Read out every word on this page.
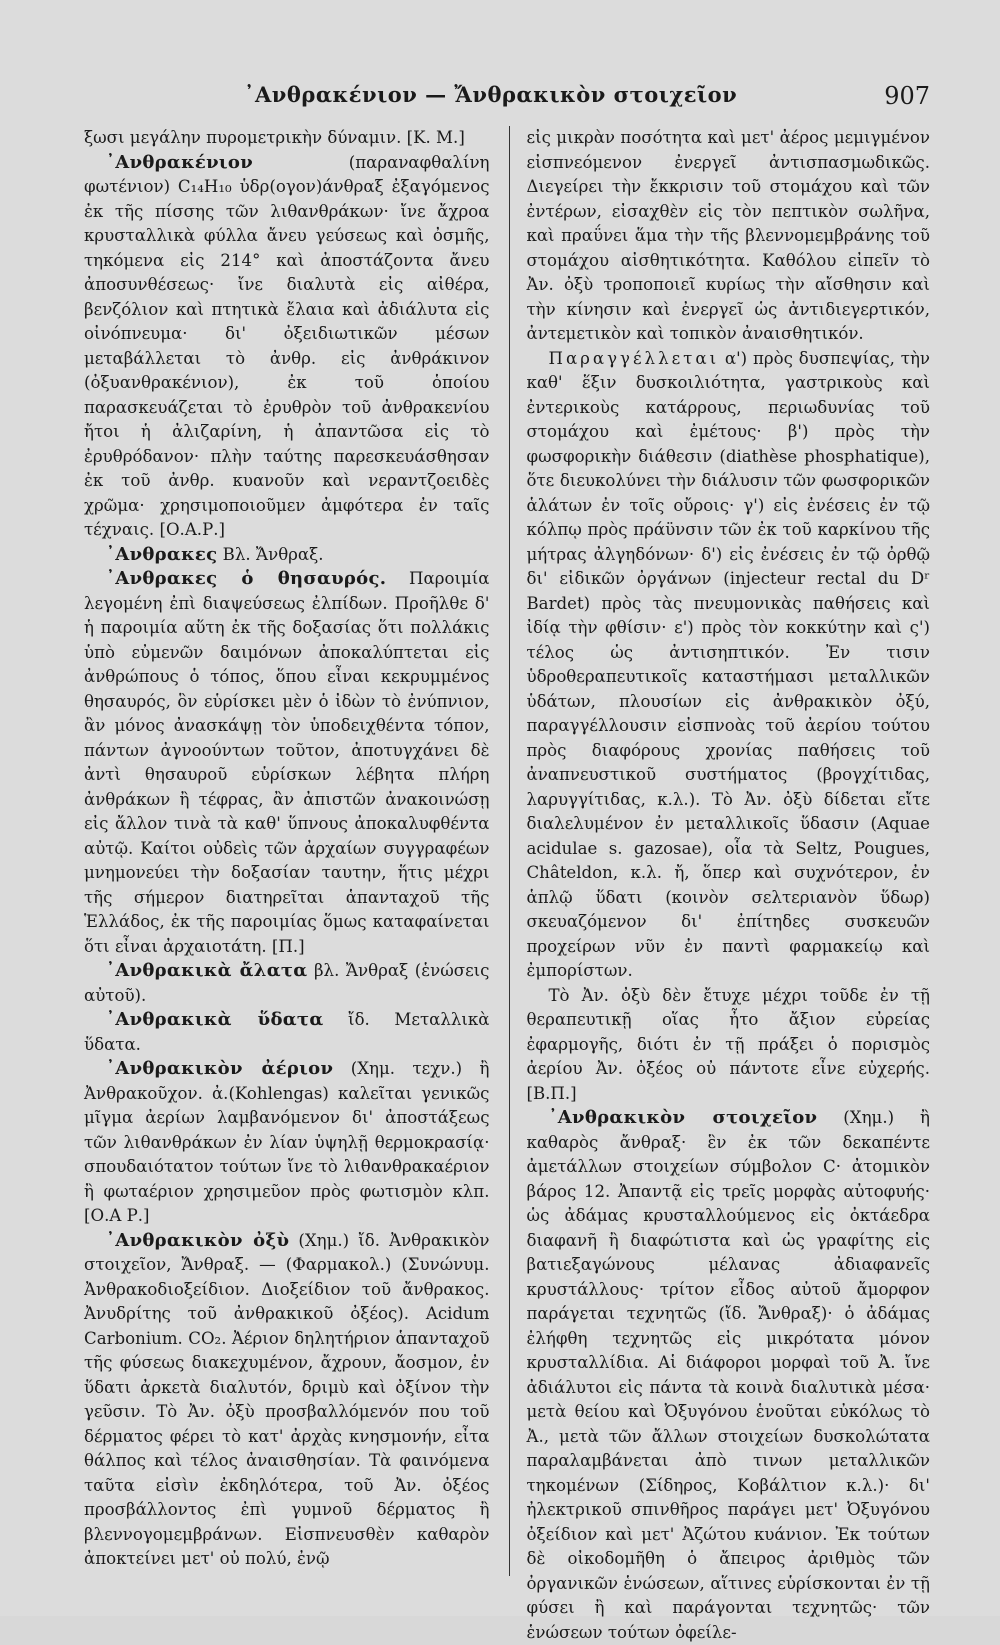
᾿Ανθρακένιον — Ἄνθρακικὸν στοιχεῖον	907

ξωσι μεγάλην πυρομετρικὴν δύναμιν. [Κ. Μ.]

᾿Ανθρακένιον (παραναφθαλίνη φωτένιον) C₁₄H₁₀ ὑδρ(ογον)άνθραξ ἐξαγόμενος ἐκ τῆς πίσσης τῶν λιθανθράκων· ἴνε ἄχροα κρυσταλλικὰ φύλλα ἄνευ γεύσεως καὶ ὀσμῆς, τηκόμενα εἰς 214° καὶ ἀποστάζοντα ἄνευ ἀποσυνθέσεως· ἴνε διαλυτὰ εἰς αἰθέρα, βενζόλιον καὶ πτητικὰ ἔλαια καὶ ἀδιάλυτα εἰς οἰνόπνευμα· δι' ὀξειδιωτικῶν μέσων μεταβάλλεται τὸ ἀνθρ. εἰς ἀνθράκινον (ὀξυανθρακένιον), ἐκ τοῦ ὁποίου παρασκευάζεται τὸ ἐρυθρὸν τοῦ ἀνθρακενίου ἤτοι ἡ ἀλιζαρίνη, ἡ ἀπαντῶσα εἰς τὸ ἐρυθρόδανον· πλὴν ταύτης παρεσκευάσθησαν ἐκ τοῦ ἀνθρ. κυανοῦν καὶ νεραντζοειδὲς χρῶμα· χρησιμοποιοῦμεν ἀμφότερα ἐν ταῖς τέχναις. [Ο.Α.Ρ.]

᾿Ανθρακες Βλ. Ἄνθραξ.

᾿Ανθρακες ὁ θησαυρός. Παροιμία λεγομένη ἐπὶ διαψεύσεως ἐλπίδων. Προῆλθε δ' ἡ παροιμία αὕτη ἐκ τῆς δοξασίας ὅτι πολλάκις ὑπὸ εὐμενῶν δαιμόνων ἀποκαλύπτεται εἰς ἀνθρώπους ὁ τόπος, ὅπου εἶναι κεκρυμμένος θησαυρός, ὃν εὑρίσκει μὲν ὁ ἰδὼν τὸ ἐνύπνιον, ἂν μόνος ἀνασκάψῃ τὸν ὑποδειχθέντα τόπον, πάντων ἀγνοούντων τοῦτον, ἀποτυγχάνει δὲ ἀντὶ θησαυροῦ εὑρίσκων λέβητα πλήρη ἀνθράκων ἢ τέφρας, ἂν ἀπιστῶν ἀνακοινώσῃ εἰς ἄλλον τινὰ τὰ καθ' ὕπνους ἀποκαλυφθέντα αὐτῷ. Καίτοι οὐδεὶς τῶν ἀρχαίων συγγραφέων μνημονεύει τὴν δοξασίαν ταυτην, ἥτις μέχρι τῆς σήμερον διατηρεῖται ἁπανταχοῦ τῆς Ἑλλάδος, ἐκ τῆς παροιμίας ὅμως καταφαίνεται ὅτι εἶναι ἀρχαιοτάτη. [Π.]

᾿Ανθρακικὰ ἄλατα βλ. Ἄνθραξ (ἑνώσεις αὐτοῦ).

᾿Ανθρακικὰ ὕδατα ἴδ. Μεταλλικὰ ὕδατα.

᾿Ανθρακικὸν ἀέριον (Χημ. τεχν.) ἢ Ἀνθρακοῦχον. ἀ.(Kohlengas) καλεῖται γενικῶς μῖγμα ἀερίων λαμβανόμενον δι' ἀποστάξεως τῶν λιθανθράκων ἐν λίαν ὑψηλῇ θερμοκρασίᾳ· σπουδαιότατον τούτων ἴνε τὸ λιθανθρακαέριον ἢ φωταέριον χρησιμεῦον πρὸς φωτισμὸν κλπ. [Ο.Α Ρ.]

᾿Ανθρακικὸν ὀξὺ (Χημ.) ἴδ. Ἀνθρακικὸν στοιχεῖον, Ἄνθραξ. — (Φαρμακολ.) (Συνώνυμ. Ἀνθρακοδιοξείδιον. Διοξείδιον τοῦ ἄνθρακος. Ἀνυδρίτης τοῦ ἀνθρακικοῦ ὀξέος). Acidum Carbonium. CO₂. Ἀέριον δηλητήριον ἁπανταχοῦ τῆς φύσεως διακεχυμένον, ἄχρουν, ἄοσμον, ἐν ὕδατι ἀρκετὰ διαλυτόν, δριμὺ καὶ ὀξίνον τὴν γεῦσιν. Τὸ Ἀν. ὀξὺ προσβαλλόμενόν που τοῦ δέρματος φέρει τὸ κατ' ἀρχὰς κνησμονήν, εἶτα θάλπος καὶ τέλος ἀναισθησίαν. Τὰ φαινόμενα ταῦτα εἰσὶν ἐκδηλότερα, τοῦ Ἀν. ὀξέος προσβάλλοντος ἐπὶ γυμνοῦ δέρματος ἢ βλεννογομεμβράνων. Εἰσπνευσθὲν καθαρὸν ἀποκτείνει μετ' οὐ πολύ, ἐνῷ

εἰς μικρὰν ποσότητα καὶ μετ' ἀέρος μεμιγμένον εἰσπνεόμενον ἐνεργεῖ ἀντισπασμωδικῶς. Διεγείρει τὴν ἔκκρισιν τοῦ στομάχου καὶ τῶν ἐντέρων, εἰσαχθὲν εἰς τὸν πεπτικὸν σωλῆνα, καὶ πραΰνει ἅμα τὴν τῆς βλεννομεμβράνης τοῦ στομάχου αἰσθητικότητα. Καθόλου εἰπεῖν τὸ Ἀν. ὀξὺ τροποποιεῖ κυρίως τὴν αἴσθησιν καὶ τὴν κίνησιν καὶ ἐνεργεῖ ὡς ἀντιδιεγερτικόν, ἀντεμετικὸν καὶ τοπικὸν ἀναισθητικόν.

Παραγγέλλεται α') πρὸς δυσπεψίας, τὴν καθ' ἕξιν δυσκοιλιότητα, γαστρικοὺς καὶ ἐντερικοὺς κατάρρους, περιωδυνίας τοῦ στομάχου καὶ ἐμέτους· β') πρὸς τὴν φωσφορικὴν διάθεσιν (diathèse phosphatique), ὅτε διευκολύνει τὴν διάλυσιν τῶν φωσφορικῶν ἁλάτων ἐν τοῖς οὔροις· γ') εἰς ἐνέσεις ἐν τῷ κόλπῳ πρὸς πράϋνσιν τῶν ἐκ τοῦ καρκίνου τῆς μήτρας ἀλγηδόνων· δ') εἰς ἐνέσεις ἐν τῷ ὀρθῷ δι' εἰδικῶν ὀργάνων (injecteur rectal du Dʳ Bardet) πρὸς τὰς πνευμονικὰς παθήσεις καὶ ἰδίᾳ τὴν φθίσιν· ε') πρὸς τὸν κοκκύτην καὶ ς') τέλος ὡς ἀντισηπτικόν. Ἐν τισιν ὑδροθεραπευτικοῖς καταστήμασι μεταλλικῶν ὑδάτων, πλουσίων εἰς ἀνθρακικὸν ὀξύ, παραγγέλλουσιν εἰσπνοὰς τοῦ ἀερίου τούτου πρὸς διαφόρους χρονίας παθήσεις τοῦ ἀναπνευστικοῦ συστήματος (βρογχίτιδας, λαρυγγίτιδας, κ.λ.). Τὸ Ἀν. ὀξὺ δίδεται εἴτε διαλελυμένον ἐν μεταλλικοῖς ὕδασιν (Aquae acidulae s. gazosae), οἷα τὰ Seltz, Pougues, Châteldon, κ.λ. ἤ, ὅπερ καὶ συχνότερον, ἐν ἁπλῷ ὕδατι (κοινὸν σελτεριανὸν ὕδωρ) σκευαζόμενον δι' ἐπίτηδες συσκευῶν προχείρων νῦν ἐν παντὶ φαρμακείῳ καὶ ἐμπορίστων.

Τὸ Ἀν. ὀξὺ δὲν ἔτυχε μέχρι τοῦδε ἐν τῇ θεραπευτικῇ οἵας ἦτο ἄξιον εὐρείας ἐφαρμογῆς, διότι ἐν τῇ πράξει ὁ πορισμὸς ἀερίου Ἀν. ὀξέος οὐ πάντοτε εἶνε εὐχερής. [Β.Π.]

᾿Ανθρακικὸν στοιχεῖον (Χημ.) ἢ καθαρὸς ἄνθραξ· ἓν ἐκ τῶν δεκαπέντε ἀμετάλλων στοιχείων σύμβολον C· ἀτομικὸν βάρος 12. Ἀπαντᾷ εἰς τρεῖς μορφὰς αὐτοφυής· ὡς ἀδάμας κρυσταλλούμενος εἰς ὀκτάεδρα διαφανῆ ἢ διαφώτιστα καὶ ὡς γραφίτης εἰς βατιεξαγώνους μέλανας ἀδιαφανεῖς κρυστάλλους· τρίτον εἶδος αὐτοῦ ἄμορφον παράγεται τεχνητῶς (ἴδ. Ἄνθραξ)· ὁ ἀδάμας ἐλήφθη τεχνητῶς εἰς μικρότατα μόνον κρυσταλλίδια. Αἱ διάφοροι μορφαὶ τοῦ Ἀ. ἴνε ἀδιάλυτοι εἰς πάντα τὰ κοινὰ διαλυτικὰ μέσα· μετὰ θείου καὶ Ὀξυγόνου ἑνοῦται εὐκόλως τὸ Ἀ., μετὰ τῶν ἄλλων στοιχείων δυσκολώτατα παραλαμβάνεται ἀπὸ τινων μεταλλικῶν τηκομένων (Σίδηρος, Κοβάλτιον κ.λ.)· δι' ἠλεκτρικοῦ σπινθῆρος παράγει μετ' Ὀξυγόνου ὀξείδιον καὶ μετ' Ἀζώτου κυάνιον. Ἐκ τούτων δὲ οἰκοδομῆθη ὁ ἄπειρος ἀριθμὸς τῶν ὀργανικῶν ἑνώσεων, αἵτινες εὑρίσκονται ἐν τῇ φύσει ἢ καὶ παράγονται τεχνητῶς· τῶν ἑνώσεων τούτων ὀφείλε-
